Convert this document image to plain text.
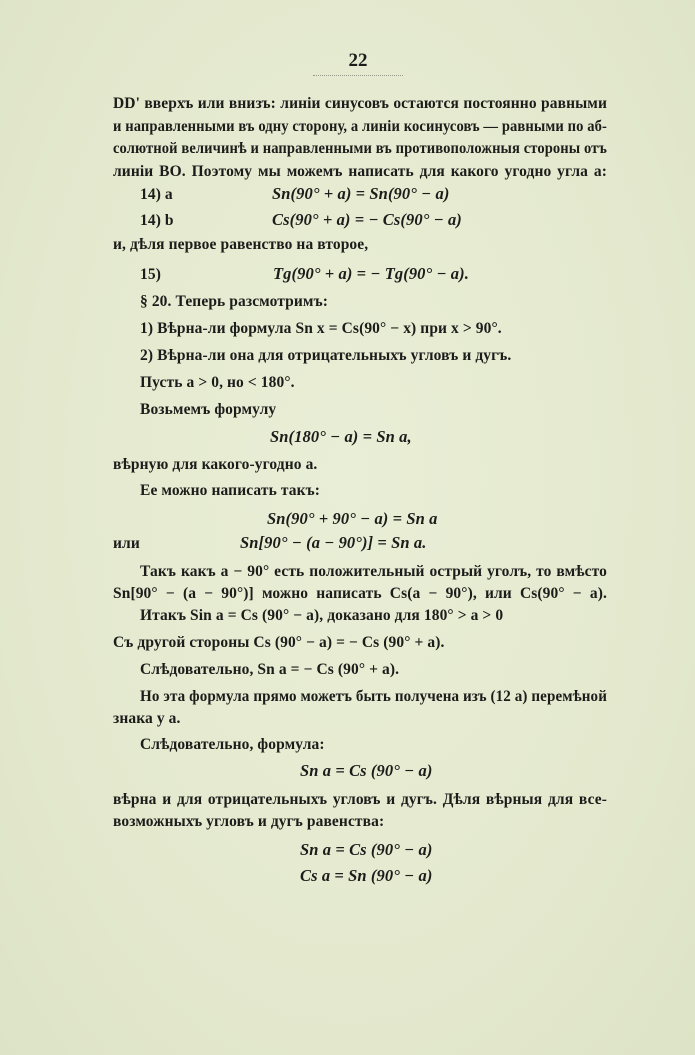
22
DD' вверхъ или внизъ: линіи синусовъ остаются постоянно равными
и направленными въ одну сторону, а линіи косинусовъ — равными по аб-
солютной величинѣ и направленными въ противоположныя стороны отъ
линіи BO. Поэтому мы можемъ написать для какого угодно угла a:
14) a	Sn(90° + a) = Sn(90° − a)
14) b	Cs(90° + a) = − Cs(90° − a)
и, дѣля первое равенство на второе,
15)	Tg(90° + a) = − Tg(90° − a).
§ 20. Теперь разсмотримъ:
1) Вѣрна-ли формула Sn x = Cs(90° − x) при x > 90°.
2) Вѣрна-ли она для отрицательныхъ угловъ и дугъ.
Пусть a > 0, но < 180°.
Возьмемъ формулу
Sn(180° − a) = Sn a,
вѣрную для какого-угодно a.
Ее можно написать такъ:
Sn(90° + 90° − a) = Sn a
или	Sn[90° − (a − 90°)] = Sn a.
Такъ какъ a − 90° есть положительный острый уголъ, то вмѣсто
Sn[90° − (a − 90°)] можно написать Cs(a − 90°), или Cs(90° − a).
Итакъ Sin a = Cs (90° − a), доказано для 180° > a > 0
Съ другой стороны Cs (90° − a) = − Cs (90° + a).
Слѣдовательно, Sn a = − Cs (90° + a).
Но эта формула прямо можетъ быть получена изъ (12 a) перемѣной
знака у a.
Слѣдовательно, формула:
Sn a = Cs (90° − a)
вѣрна и для отрицательныхъ угловъ и дугъ. Дѣля вѣрныя для все-
возможныхъ угловъ и дугъ равенства:
Sn a = Cs (90° − a)
Cs a = Sn (90° − a)
